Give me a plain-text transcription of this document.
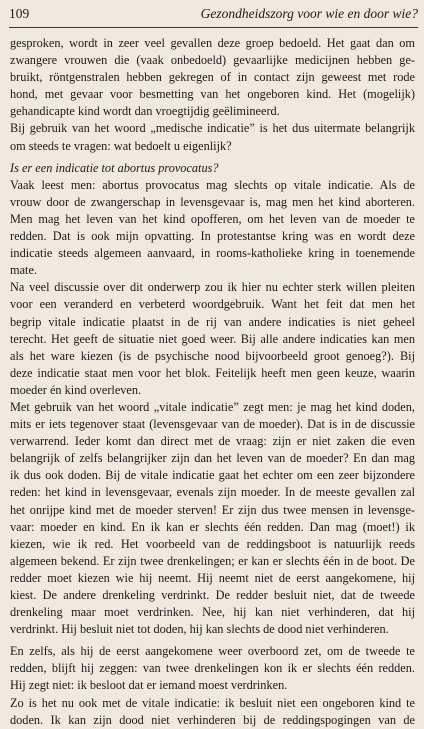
109	Gezondheidszorg voor wie en door wie?
gesproken, wordt in zeer veel gevallen deze groep bedoeld. Het gaat dan om
zwangere vrouwen die (vaak onbedoeld) gevaarlijke medicijnen hebben ge-
bruikt, röntgenstralen hebben gekregen of in contact zijn geweest met rode
hond, met gevaar voor besmetting van het ongeboren kind. Het (mogelijk)
gehandicapte kind wordt dan vroegtijdig geëlimineerd.
Bij gebruik van het woord „medische indicatie” is het dus uitermate belangrijk
om steeds te vragen: wat bedoelt u eigenlijk?
Is er een indicatie tot abortus provocatus?
Vaak leest men: abortus provocatus mag slechts op vitale indicatie. Als de
vrouw door de zwangerschap in levensgevaar is, mag men het kind aborteren.
Men mag het leven van het kind opofferen, om het leven van de moeder te
redden. Dat is ook mijn opvatting. In protestantse kring was en wordt deze
indicatie steeds algemeen aanvaard, in rooms-katholieke kring in toenemende
mate.
Na veel discussie over dit onderwerp zou ik hier nu echter sterk willen pleiten
voor een veranderd en verbeterd woordgebruik. Want het feit dat men het
begrip vitale indicatie plaatst in de rij van andere indicaties is niet geheel
terecht. Het geeft de situatie niet goed weer. Bij alle andere indicaties kan men
als het ware kiezen (is de psychische nood bijvoorbeeld groot genoeg?). Bij
deze indicatie staat men voor het blok. Feitelijk heeft men geen keuze, waarin
moeder én kind overleven.
Met gebruik van het woord „vitale indicatie” zegt men: je mag het kind doden,
mits er iets tegenover staat (levensgevaar van de moeder). Dat is in de discussie
verwarrend. Ieder komt dan direct met de vraag: zijn er niet zaken die even
belangrijk of zelfs belangrijker zijn dan het leven van de moeder? En dan mag
ik dus ook doden. Bij de vitale indicatie gaat het echter om een zeer bijzondere
reden: het kind in levensgevaar, evenals zijn moeder. In de meeste gevallen zal
het onrijpe kind met de moeder sterven! Er zijn dus twee mensen in levensge-
vaar: moeder en kind. En ik kan er slechts één redden. Dan mag (moet!) ik
kiezen, wie ik red. Het voorbeeld van de reddingsboot is natuurlijk reeds
algemeen bekend. Er zijn twee drenkelingen; er kan er slechts één in de boot. De
redder moet kiezen wie hij neemt. Hij neemt niet de eerst aangekomene, hij
kiest. De andere drenkeling verdrinkt. De redder besluit niet, dat de tweede
drenkeling maar moet verdrinken. Nee, hij kan niet verhinderen, dat hij
verdrinkt. Hij besluit niet tot doden, hij kan slechts de dood niet verhinderen.
En zelfs, als hij de eerst aangekomene weer overboord zet, om de tweede te
redden, blijft hij zeggen: van twee drenkelingen kon ik er slechts één redden.
Hij zegt niet: ik besloot dat er iemand moest verdrinken.
Zo is het nu ook met de vitale indicatie: ik besluit niet een ongeboren kind te
doden. Ik kan zijn dood niet verhinderen bij de reddingspogingen van de
